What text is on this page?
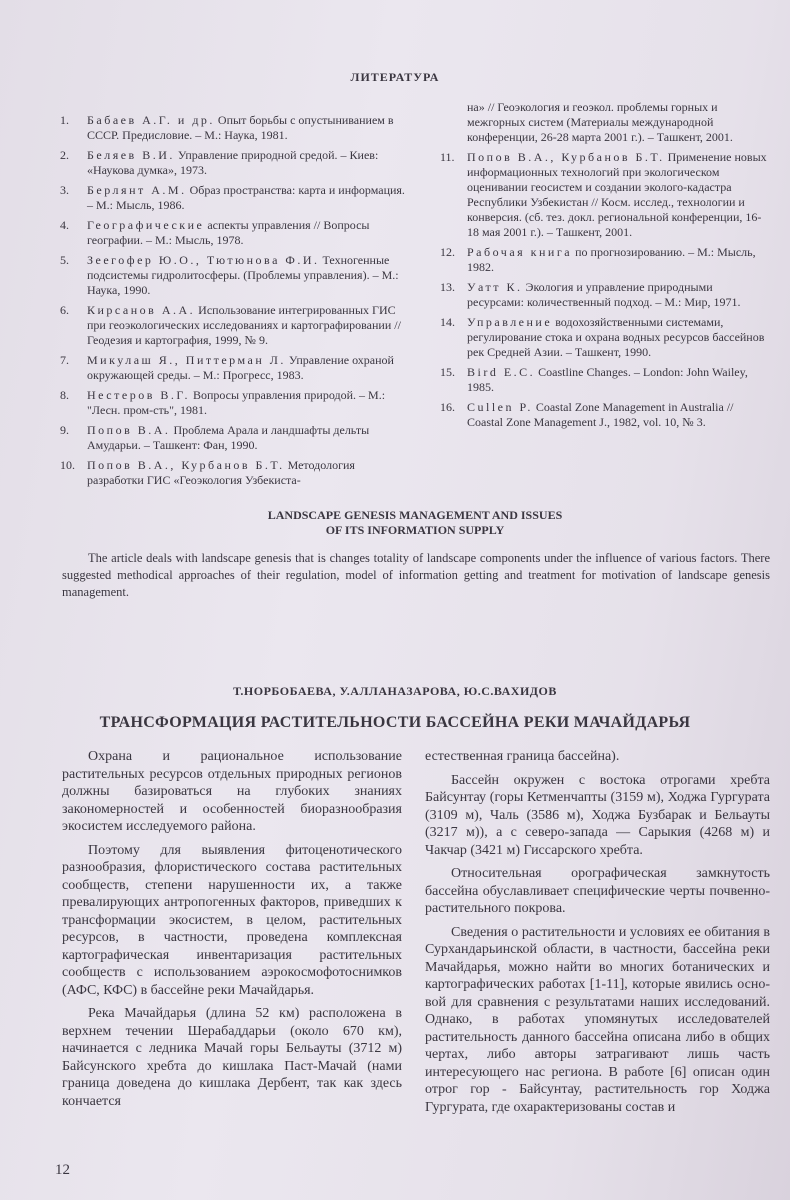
ЛИТЕРАТУРА
1. Бабаев А.Г. и др. Опыт борьбы с опустыниванием в СССР. Предисловие. – М.: Наука, 1981.
2. Беляев В.И. Управление природной средой. – Киев: «Наукова думка», 1973.
3. Берлянт А.М. Образ пространства: карта и информация. – М.: Мысль, 1986.
4. Географические аспекты управления // Вопросы географии. – М.: Мысль, 1978.
5. Зеегофер Ю.О., Тютюнова Ф.И. Техногенные подсистемы гидролитосферы. (Проблемы управления). – М.: Наука, 1990.
6. Кирсанов А.А. Использование интегрированных ГИС при геоэкологических исследованиях и картографировании // Геодезия и картография, 1999, № 9.
7. Микулаш Я., Питтерман Л. Управление охраной окружающей среды. – М.: Прогресс, 1983.
8. Нестеров В.Г. Вопросы управления природой. – М.: "Лесн. пром-сть", 1981.
9. Попов В.А. Проблема Арала и ландшафты дельты Амударьи. – Ташкент: Фан, 1990.
10. Попов В.А., Курбанов Б.Т. Методология разработки ГИС «Геоэкология Узбекиста-
на» // Геоэкология и геоэкол. проблемы горных и межгорных систем (Материалы международной конференции, 26-28 марта 2001 г.). – Ташкент, 2001.
11. Попов В.А., Курбанов Б.Т. Применение новых информационных технологий при экологическом оценивании геосистем и создании эколого-кадастра Республики Узбекистан // Косм. исслед., технологии и конверсия. (сб. тез. докл. региональной конференции, 16-18 мая 2001 г.). – Ташкент, 2001.
12. Рабочая книга по прогнозированию. – М.: Мысль, 1982.
13. Уатт К. Экология и управление природными ресурсами: количественный подход. – М.: Мир, 1971.
14. Управление водохозяйственными системами, регулирование стока и охрана водных ресурсов бассейнов рек Средней Азии. – Ташкент, 1990.
15. Bird E.C. Coastline Changes. – London: John Wailey, 1985.
16. Cullen P. Coastal Zone Management in Australia // Coastal Zone Management J., 1982, vol. 10, № 3.
LANDSCAPE GENESIS MANAGEMENT AND ISSUES
OF ITS INFORMATION SUPPLY
The article deals with landscape genesis that is changes totality of landscape components under the influence of various factors. There suggested methodical approaches of their regulation, model of information getting and treatment for motivation of landscape genesis management.
Т.НОРБОБАЕВА, У.АЛЛАНАЗАРОВА, Ю.С.ВАХИДОВ
ТРАНСФОРМАЦИЯ РАСТИТЕЛЬНОСТИ БАССЕЙНА РЕКИ МАЧАЙДАРЬЯ

Охрана и рациональное использование растительных ресурсов отдельных природных регионов должны базироваться на глубоких знаниях закономерностей и особенностей биоразнообразия экосистем исследуемого района.

Поэтому для выявления фитоценотического разнообразия, флористического состава растительных сообществ, степени нарушенности их, а также превалирующих антропогенных факторов, приведших к трансформации экосистем, в целом, растительных ресурсов, в частности, проведена комплексная картографическая инвентаризация растительных сообществ с использованием аэрокосмофотоснимков (АФС, КФС) в бассейне реки Мачайдарья.

Река Мачайдарья (длина 52 км) расположена в верхнем течении Шерабаддарьи (около 670 км), начинается с ледника Мачай горы Бельауты (3712 м) Байсунского хребта до кишлака Паст-Мачай (нами граница доведена до кишлака Дербент, так как здесь кончается

естественная граница бассейна).

Бассейн окружен с востока отрогами хребта Байсунтау (горы Кетменчапты (3159 м), Ходжа Гургурата (3109 м), Чаль (3586 м), Ходжа Бузбарак и Бельауты (3217 м)), а с северо-запада — Сарыкия (4268 м) и Чакчар (3421 м) Гиссарского хребта.

Относительная орографическая замкнутость бассейна обуславливает специфические черты почвенно-растительного покрова.

Сведения о растительности и условиях ее обитания в Сурхандарьинской области, в частности, бассейна реки Мачайдарья, можно найти во многих ботанических и картографических работах [1-11], которые явились основой для сравнения с результатами наших исследований. Однако, в работах упомянутых исследователей растительность данного бассейна описана либо в общих чертах, либо авторы затрагивают лишь часть интересующего нас региона. В работе [6] описан один отрог гор - Байсунтау, растительность гор Ходжа Гургурата, где охарактеризованы состав и

12
